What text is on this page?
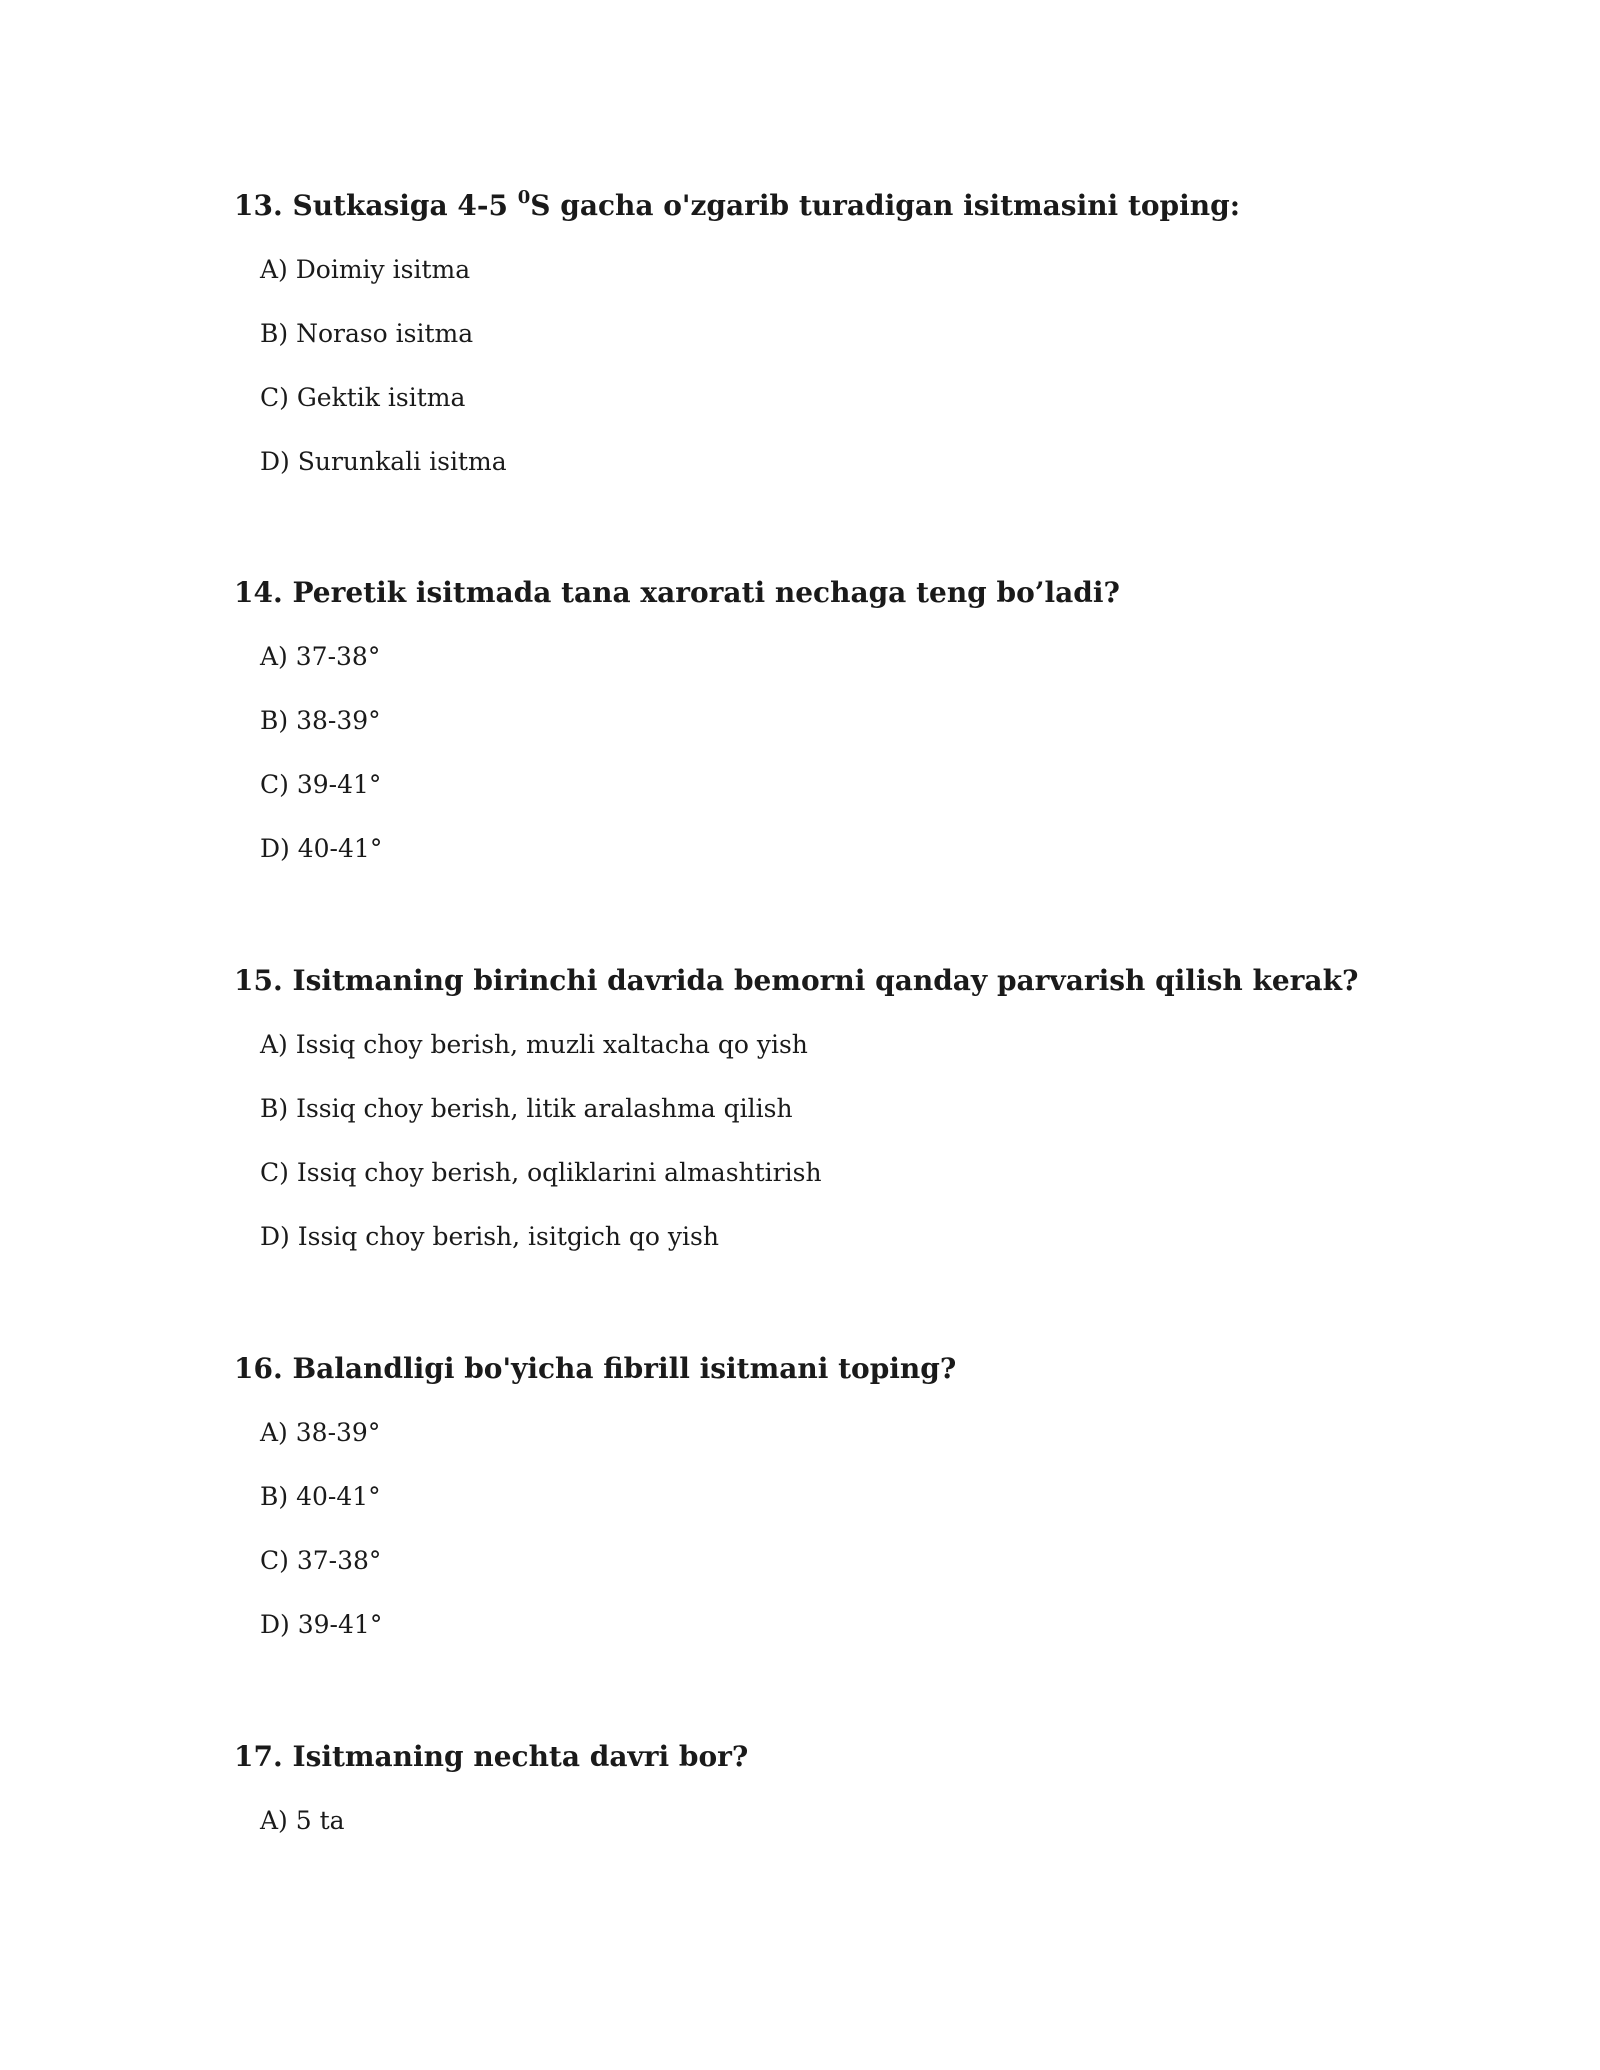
13. Sutkasiga 4-5 $^0$S gacha o'zgarib turadigan isitmasini toping:

A) Doimiy isitma
B) Noraso isitma
C) Gektik isitma
D) Surunkali isitma

14. Peretik isitmada tana xarorati nechaga teng bo’ladi?

A) 37-38°
B) 38-39°
C) 39-41°
D) 40-41°

15. Isitmaning birinchi davrida bemorni qanday parvarish qilish kerak?

A) Issiq choy berish, muzli xaltacha qo yish
B) Issiq choy berish, litik aralashma qilish
C) Issiq choy berish, oqliklarini almashtirish
D) Issiq choy berish, isitgich qo yish

16. Balandligi bo'yicha fibrill isitmani toping?

A) 38-39°
B) 40-41°
C) 37-38°
D) 39-41°

17. Isitmaning nechta davri bor?

A) 5 ta
